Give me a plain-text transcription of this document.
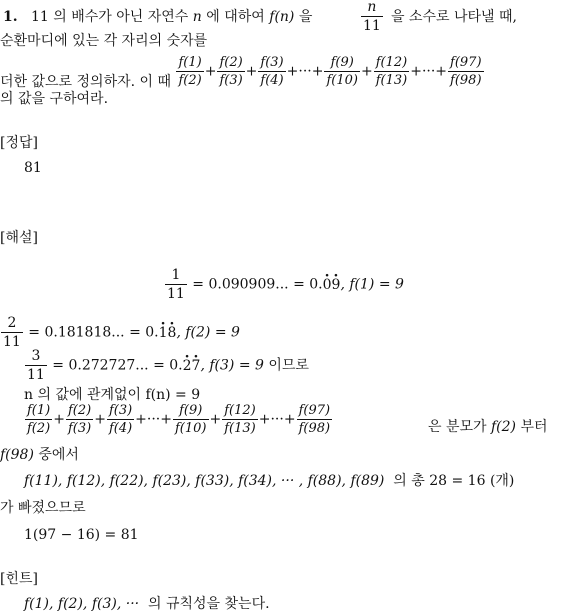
1. 11 의 배수가 아닌 자연수 n 에 대하여 f(n) 을	$\frac{n}{11}$ 을 소수로 나타낼 때,
순환마디에 있는 각 자리의 숫자를
더한 값으로 정의하자. 이 때 $\frac{f(1)}{f(2)} + \frac{f(2)}{f(3)} + \frac{f(3)}{f(4)}$ +···+ $\frac{f(9)}{f(10)} + \frac{f(12)}{f(13)}$ +···+ $\frac{f(97)}{f(98)}$
의 값을 구하여라.
[정답]
81
[해설]
$\frac{1}{11} = 0.090909$... = 0.· 0· 9, f(1) = 9
$\frac{2}{11} = 0.181818$... = 0.· 1· 8, f(2) = 9
$\frac{3}{11} = 0.272727$... = 0.· 2· 7, f(3) = 9 이므로
n 의 값에 관계없이 f(n) = 9
$\frac{f(1)}{f(2)} + \frac{f(2)}{f(3)} + \frac{f(3)}{f(4)}$ +···+ $\frac{f(9)}{f(10)} + \frac{f(12)}{f(13)}$ +···+ $\frac{f(97)}{f(98)}$	은 분모가 f(2) 부터
f(98) 중에서
f(11), f(12), f(22), f(23), f(33), f(34), ··· , f(88), f(89) 의 총 28 = 16 (개)
가 빠졌으므로
1(97 − 16) = 81
[힌트]
f(1), f(2), f(3), ··· 의 규칙성을 찾는다.
